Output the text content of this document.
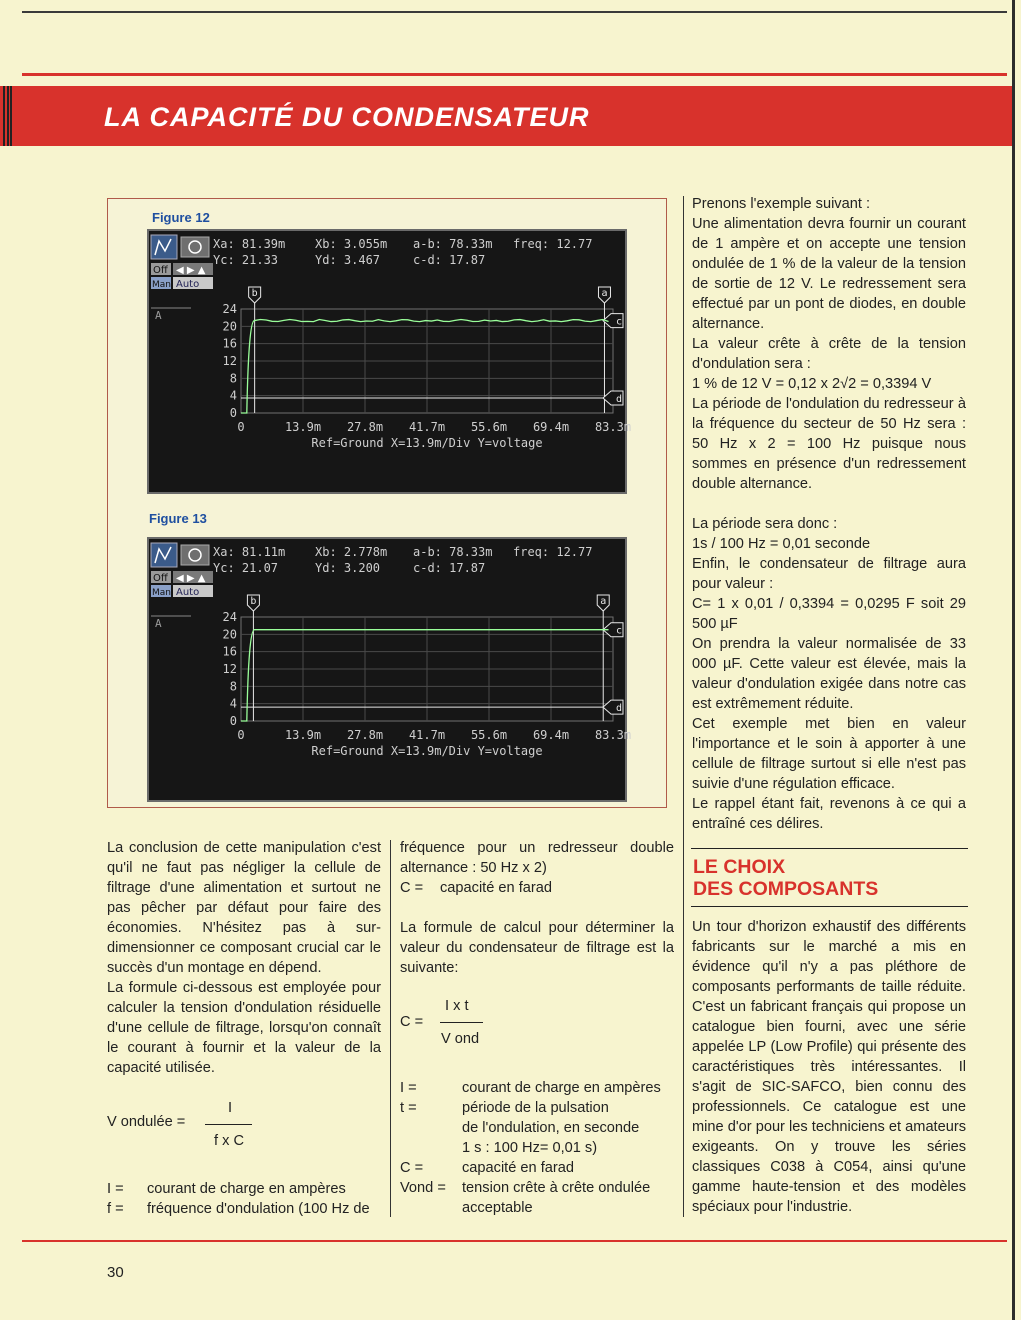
LA CAPACITÉ DU CONDENSATEUR
Figure 12
Xa: 81.39m Xb: 3.055m a-b: 78.33m freq: 12.77
Yc: 21.33	Yd: 3.467	c-d: 17.87
Off ◀ ▶ ▲
Man Auto
A	24
20
16
12
8
4
0
0	13.9m 27.8m 41.7m 55.6m 69.4m 83.3m
Ref=Ground X=13.9m/Div Y=voltage
b	a
c
d
Figure 13
Xa: 81.11m Xb: 2.778m a-b: 78.33m freq: 12.77
Yc: 21.07	Yd: 3.200	c-d: 17.87
Off ◀ ▶ ▲
Man Auto
A	24
20
16
12
8
4
0
0	13.9m 27.8m 41.7m 55.6m 69.4m 83.3m
Ref=Ground X=13.9m/Div Y=voltage
b	a
c
d

La conclusion de cette manipulation c'est qu'il ne faut pas négliger la cellule de filtrage d'une alimentation et surtout ne pas pêcher par défaut pour faire des économies. N'hésitez pas à sur-dimensionner ce composant crucial car le succès d'un montage en dépend.

La formule ci-dessous est employée pour calculer la tension d'ondulation résiduelle d'une cellule de filtrage, lorsqu'on connaît le courant à fournir et la valeur de la capacité utilisée.

V ondulée =
I
f x C
I = courant de charge en ampères
f = fréquence d'ondulation (100 Hz de

fréquence pour un redresseur double alternance : 50 Hz x 2)

C = capacité en farad

La formule de calcul pour déterminer la valeur du condensateur de filtrage est la suivante:

C =
I x t
V ond
I =	courant de charge en ampères
t =	période de la pulsation
de l'ondulation, en seconde
1 s : 100 Hz= 0,01 s)
C =	capacité en farad
Vond = tension crête à crête ondulée
acceptable

Prenons l'exemple suivant :

Une alimentation devra fournir un courant de 1 ampère et on accepte une tension ondulée de 1 % de la valeur de la tension de sortie de 12 V. Le redressement sera effectué par un pont de diodes, en double alternance.

La valeur crête à crête de la tension d'ondulation sera :

1 % de 12 V = 0,12 x 2√2 = 0,3394 V

La période de l'ondulation du redresseur à la fréquence du secteur de 50 Hz sera : 50 Hz x 2 = 100 Hz puisque nous sommes en présence d'un redressement double alternance.

La période sera donc :

1s / 100 Hz = 0,01 seconde

Enfin, le condensateur de filtrage aura pour valeur :

C= 1 x 0,01 / 0,3394 = 0,0295 F soit 29 500 µF

On prendra la valeur normalisée de 33 000 µF. Cette valeur est élevée, mais la valeur d'ondulation exigée dans notre cas est extrêmement réduite.

Cet exemple met bien en valeur l'importance et le soin à apporter à une cellule de filtrage surtout si elle n'est pas suivie d'une régulation efficace.

Le rappel étant fait, revenons à ce qui a entraîné ces délires.

LE CHOIX
DES COMPOSANTS

Un tour d'horizon exhaustif des différents fabricants sur le marché a mis en évidence qu'il n'y a pas pléthore de composants performants de taille réduite. C'est un fabricant français qui propose un catalogue bien fourni, avec une série appelée LP (Low Profile) qui présente des caractéristiques très intéressantes. Il s'agit de SIC-SAFCO, bien connu des professionnels. Ce catalogue est une mine d'or pour les techniciens et amateurs exigeants. On y trouve les séries classiques C038 à C054, ainsi qu'une gamme haute-tension et des modèles spéciaux pour l'industrie.

30
